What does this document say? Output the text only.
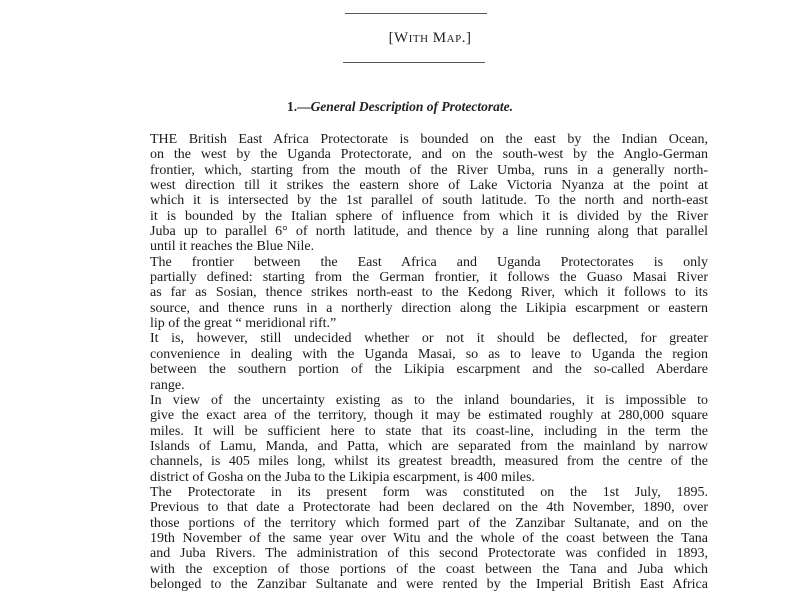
[With Map.]
1.—General Description of Protectorate.

THE British East Africa Protectorate is bounded on the east by the Indian Ocean,
on the west by the Uganda Protectorate, and on the south-west by the Anglo-German
frontier, which, starting from the mouth of the River Umba, runs in a generally north-
west direction till it strikes the eastern shore of Lake Victoria Nyanza at the point at
which it is intersected by the 1st parallel of south latitude. To the north and north-east
it is bounded by the Italian sphere of influence from which it is divided by the River
Juba up to parallel 6° of north latitude, and thence by a line running along that parallel
until it reaches the Blue Nile.

The frontier between the East Africa and Uganda Protectorates is only
partially defined: starting from the German frontier, it follows the Guaso Masai River
as far as Sosian, thence strikes north-east to the Kedong River, which it follows to its
source, and thence runs in a northerly direction along the Likipia escarpment or eastern
lip of the great “ meridional rift.”

It is, however, still undecided whether or not it should be deflected, for greater
convenience in dealing with the Uganda Masai, so as to leave to Uganda the region
between the southern portion of the Likipia escarpment and the so-called Aberdare
range.

In view of the uncertainty existing as to the inland boundaries, it is impossible to
give the exact area of the territory, though it may be estimated roughly at 280,000 square
miles. It will be sufficient here to state that its coast-line, including in the term the
Islands of Lamu, Manda, and Patta, which are separated from the mainland by narrow
channels, is 405 miles long, whilst its greatest breadth, measured from the centre of the
district of Gosha on the Juba to the Likipia escarpment, is 400 miles.

The Protectorate in its present form was constituted on the 1st July, 1895.
Previous to that date a Protectorate had been declared on the 4th November, 1890, over
those portions of the territory which formed part of the Zanzibar Sultanate, and on the
19th November of the same year over Witu and the whole of the coast between the Tana
and Juba Rivers. The administration of this second Protectorate was confided in 1893,
with the exception of those portions of the coast between the Tana and Juba which
belonged to the Zanzibar Sultanate and were rented by the Imperial British East Africa
